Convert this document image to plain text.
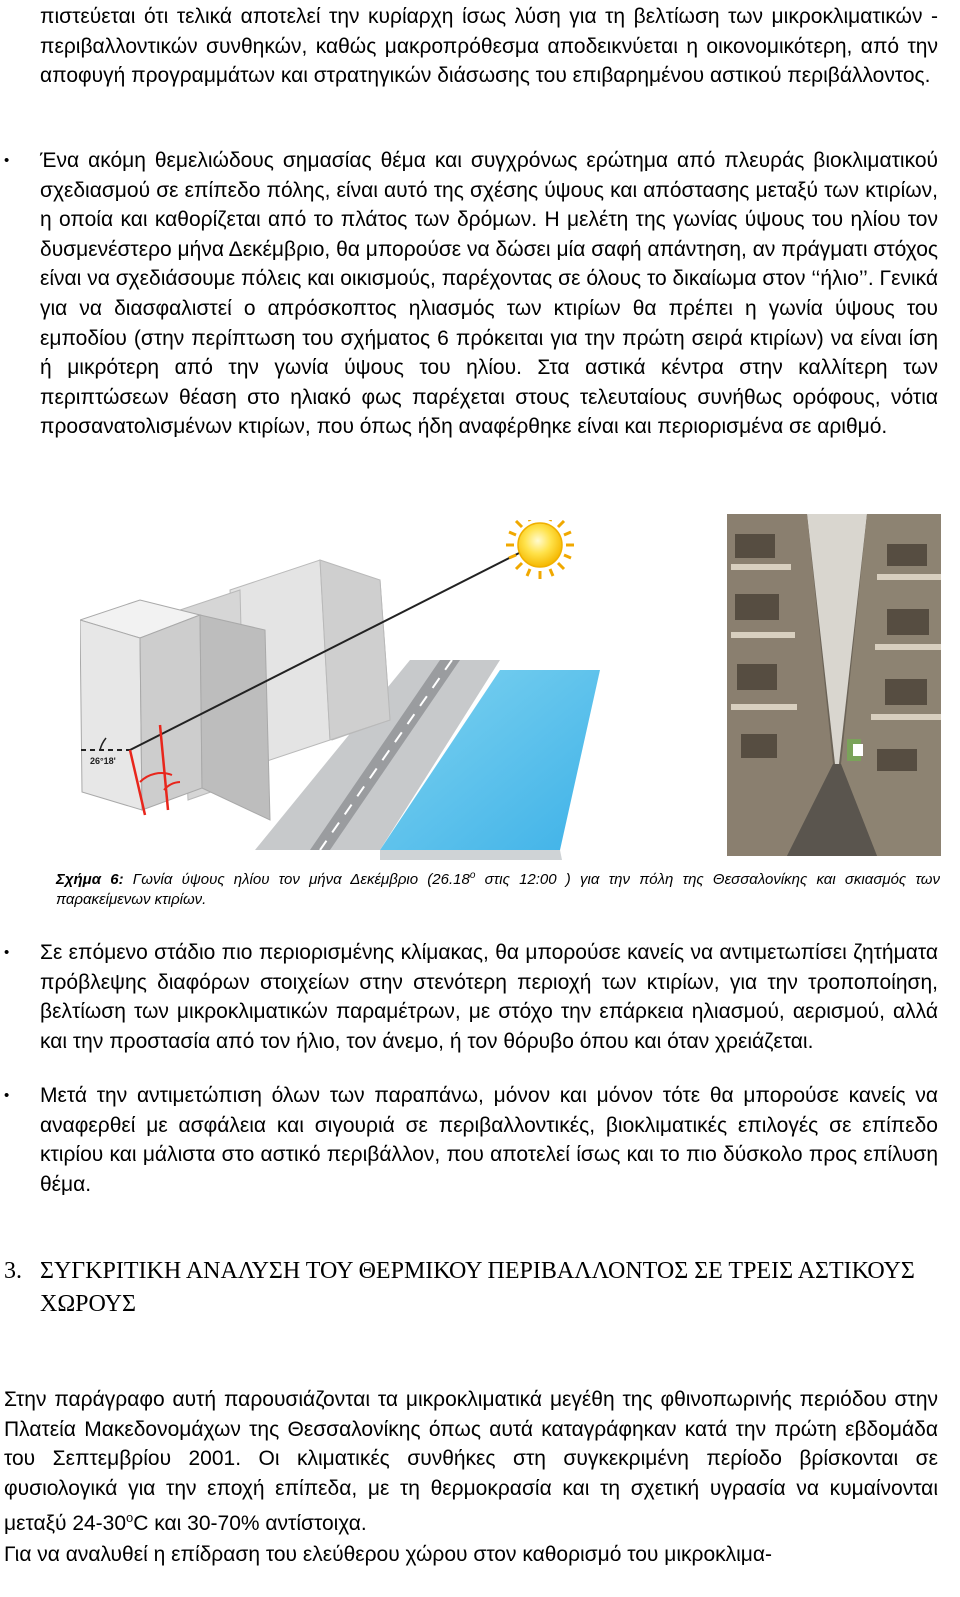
πιστεύεται ότι τελικά αποτελεί την κυρίαρχη ίσως λύση για τη βελτίωση των μικροκλιματικών - περιβαλλοντικών συνθηκών, καθώς μακροπρόθεσμα αποδεικνύεται η οικονομικότερη, από την αποφυγή προγραμμάτων και στρατηγικών διάσωσης του επιβαρημένου αστικού περιβάλλοντος.

• Ένα ακόμη θεμελιώδους σημασίας θέμα και συγχρόνως ερώτημα από πλευράς βιοκλιματικού σχεδιασμού σε επίπεδο πόλης, είναι αυτό της σχέσης ύψους και απόστασης μεταξύ των κτιρίων, η οποία και καθορίζεται από το πλάτος των δρόμων. Η μελέτη της γωνίας ύψους του ηλίου τον δυσμενέστερο μήνα Δεκέμβριο, θα μπορούσε να δώσει μία σαφή απάντηση, αν πράγματι στόχος είναι να σχεδιάσουμε πόλεις και οικισμούς, παρέχοντας σε όλους το δικαίωμα στον ‘‘ήλιο’’. Γενικά για να διασφαλιστεί ο απρόσκοπτος ηλιασμός των κτιρίων θα πρέπει η γωνία ύψους του εμποδίου (στην περίπτωση του σχήματος 6 πρόκειται για την πρώτη σειρά κτιρίων) να είναι ίση ή μικρότερη από την γωνία ύψους του ηλίου. Στα αστικά κέντρα στην καλλίτερη των περιπτώσεων θέαση στο ηλιακό φως παρέχεται στους τελευταίους συνήθως ορόφους, νότια προσανατολισμένων κτιρίων, που όπως ήδη αναφέρθηκε είναι και περιορισμένα σε αριθμό.

26°18'
Σχήμα 6: Γωνία ύψους ηλίου τον μήνα Δεκέμβριο (26.18$^o$ στις 12:00 ) για την πόλη της Θεσσαλονίκης και σκιασμός των παρακείμενων κτιρίων.
• Σε επόμενο στάδιο πιο περιορισμένης κλίμακας, θα μπορούσε κανείς να αντιμετωπίσει ζητήματα πρόβλεψης διαφόρων στοιχείων στην στενότερη περιοχή των κτιρίων, για την τροποποίηση, βελτίωση των μικροκλιματικών παραμέτρων, με στόχο την επάρκεια ηλιασμού, αερισμού, αλλά και την προστασία από τον ήλιο, τον άνεμο, ή τον θόρυβο όπου και όταν χρειάζεται.

• Μετά την αντιμετώπιση όλων των παραπάνω, μόνον και μόνον τότε θα μπορούσε κανείς να αναφερθεί με ασφάλεια και σιγουριά σε περιβαλλοντικές, βιοκλιματικές επιλογές σε επίπεδο κτιρίου και μάλιστα στο αστικό περιβάλλον, που αποτελεί ίσως και το πιο δύσκολο προς επίλυση θέμα.

3. ΣΥΓΚΡΙΤΙΚΗ ΑΝΑΛΥΣΗ ΤΟΥ ΘΕΡΜΙΚΟΥ ΠΕΡΙΒΑΛΛΟΝΤΟΣ ΣΕ ΤΡΕΙΣ ΑΣΤΙΚΟΥΣ ΧΩΡΟΥΣ

Στην παράγραφο αυτή παρουσιάζονται τα μικροκλιματικά μεγέθη της φθινοπωρινής περιόδου στην Πλατεία Μακεδονομάχων της Θεσσαλονίκης όπως αυτά καταγράφηκαν κατά την πρώτη εβδομάδα του Σεπτεμβρίου 2001. Οι κλιματικές συνθήκες στη συγκεκριμένη περίοδο βρίσκονται σε φυσιολογικά για την εποχή επίπεδα, με τη θερμοκρασία και τη σχετική υγρασία να κυμαίνονται μεταξύ 24-30$^o$C και 30-70% αντίστοιχα.

Για να αναλυθεί η επίδραση του ελεύθερου χώρου στον καθορισμό του μικροκλιμα-
